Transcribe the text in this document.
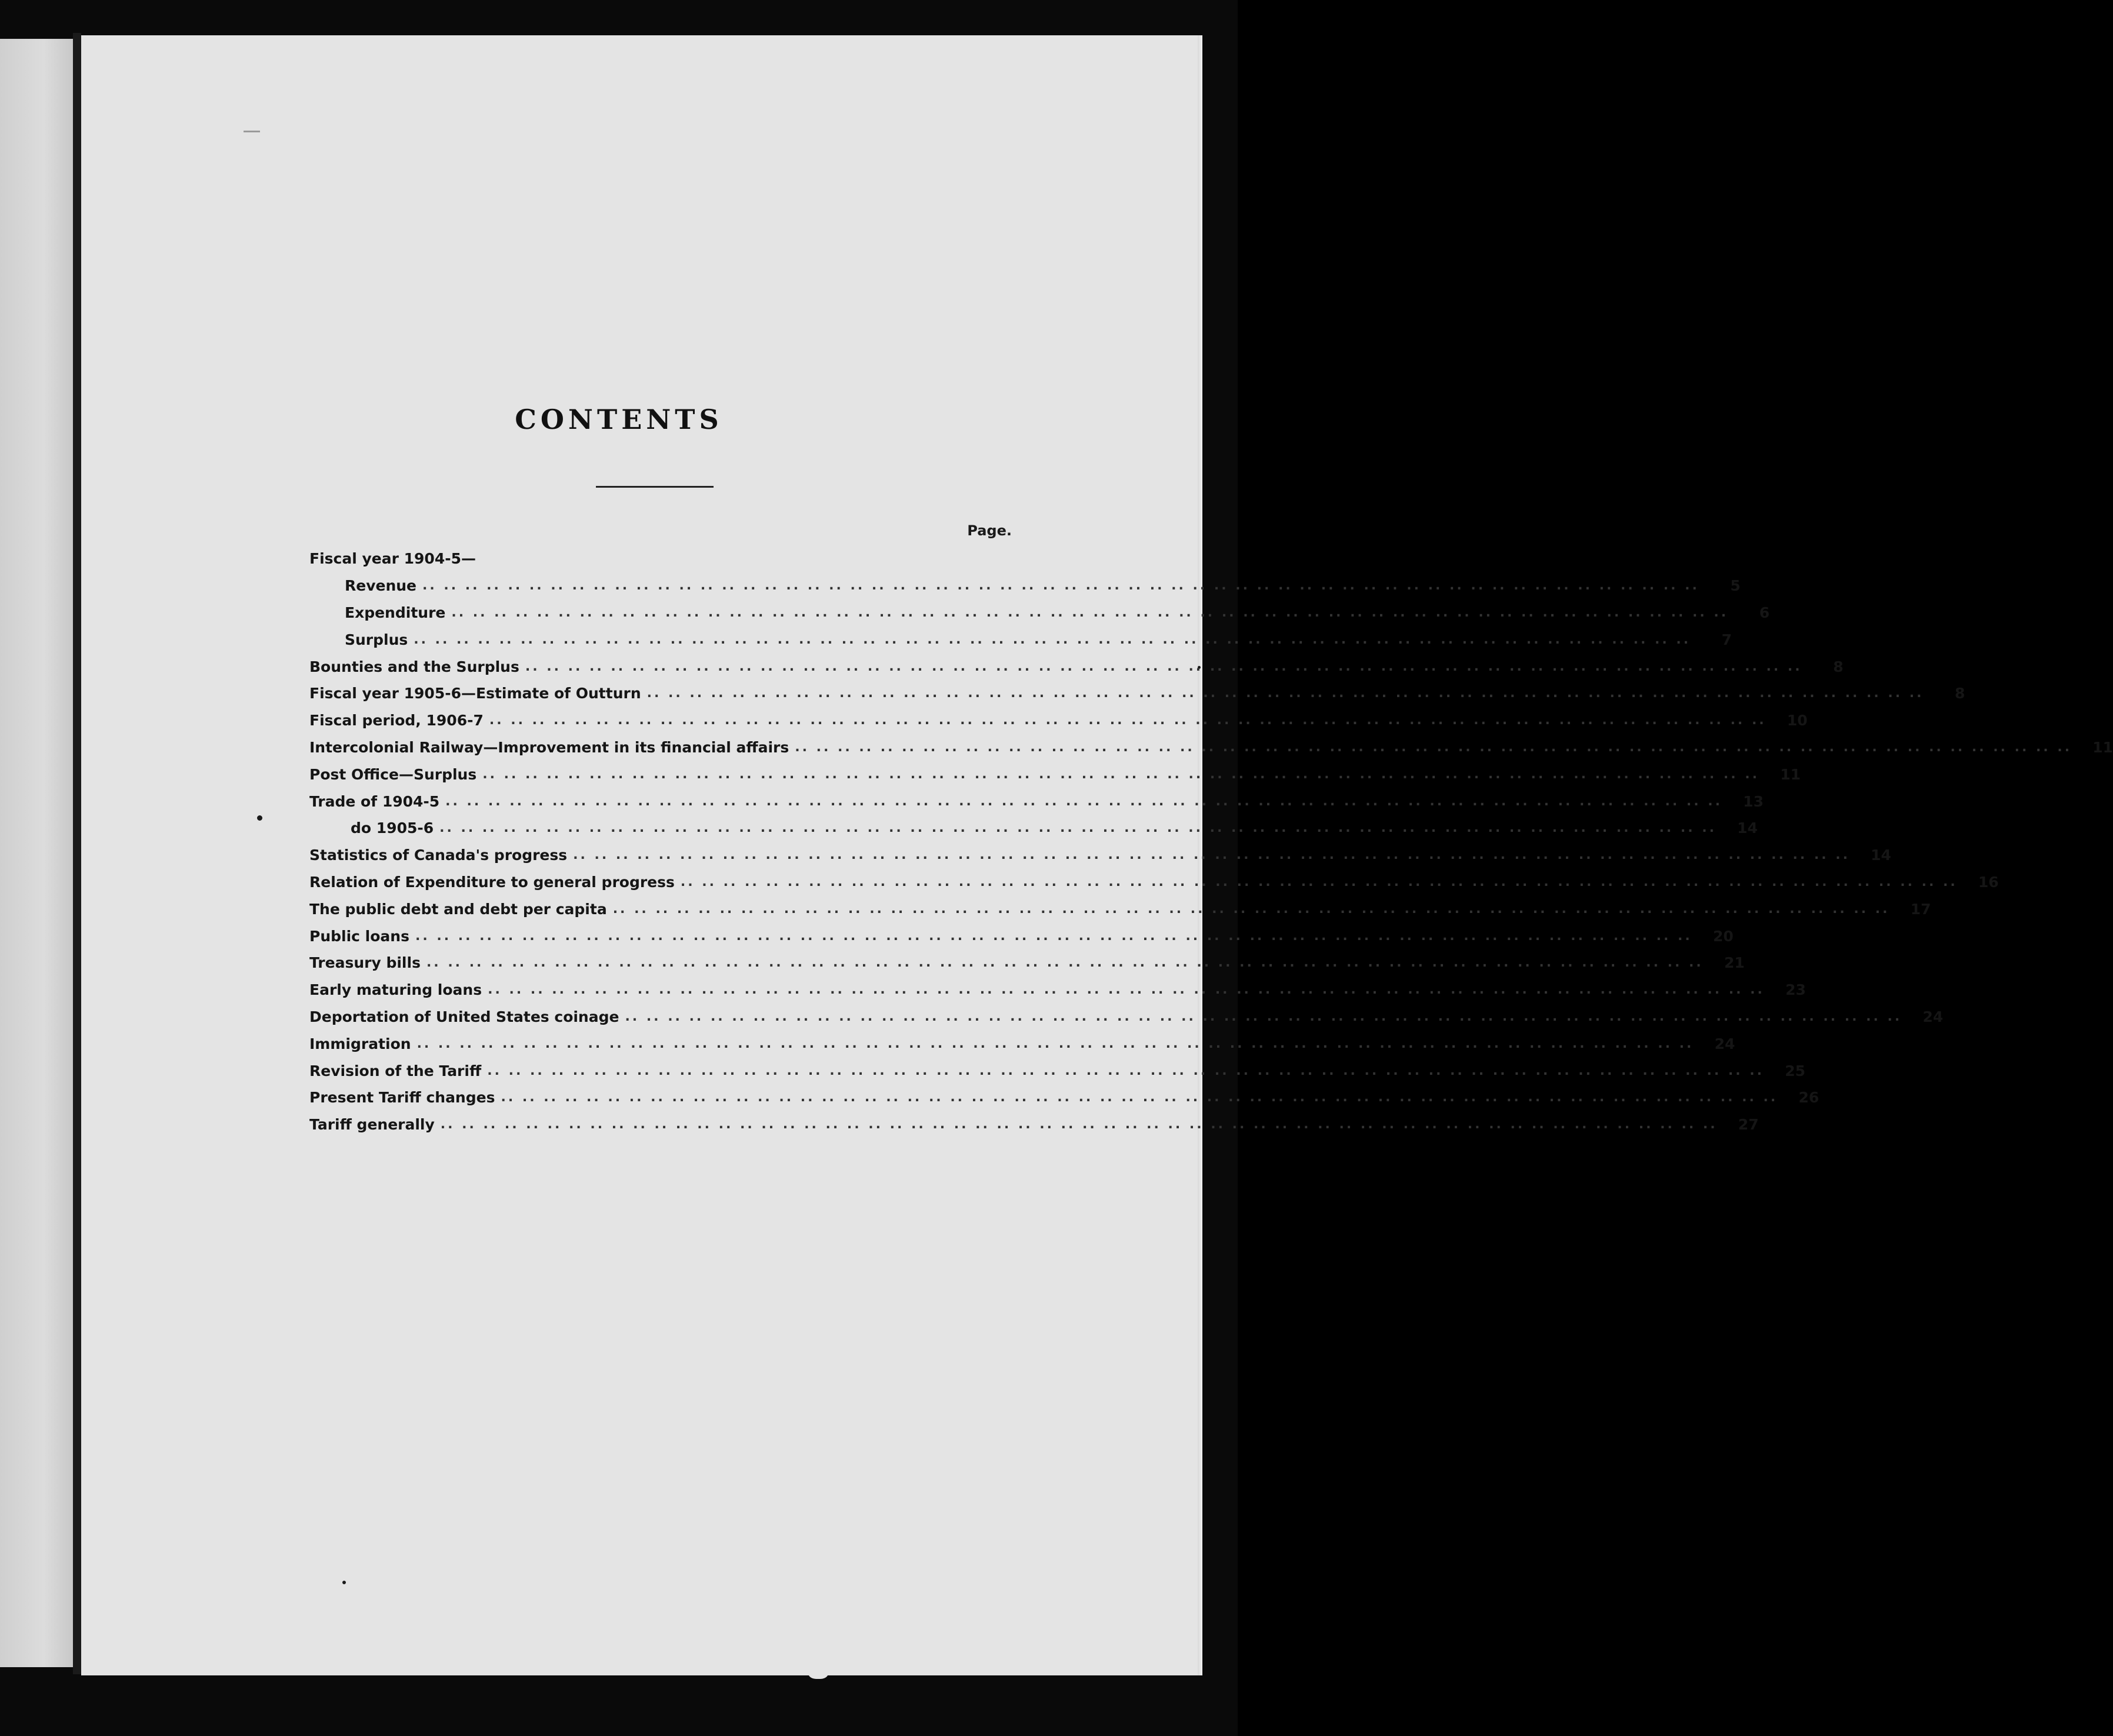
CONTENTS
Page.
Fiscal year 1904-5—
Revenue .. .. .. .. .. .. .. .. .. .. .. .. .. .. .. .. .. .. .. .. .. .. .. .. .. .. .. .. .. .. .. .. .. .. .. .. .. .. .. .. .. .. .. .. .. .. .. .. .. .. .. .. .. .. .. .. .. .. .. ..	5
Expenditure .. .. .. .. .. .. .. .. .. .. .. .. .. .. .. .. .. .. .. .. .. .. .. .. .. .. .. .. .. .. .. .. .. .. .. .. .. .. .. .. .. .. .. .. .. .. .. .. .. .. .. .. .. .. .. .. .. .. .. ..	6
Surplus .. .. .. .. .. .. .. .. .. .. .. .. .. .. .. .. .. .. .. .. .. .. .. .. .. .. .. .. .. .. .. .. .. .. .. .. .. .. .. .. .. .. .. .. .. .. .. .. .. .. .. .. .. .. .. .. .. .. .. ..	7
Bounties and the Surplus .. .. .. .. .. .. .. .. .. .. .. .. .. .. .. .. .. .. .. .. .. .. .. .. .. .. .. .. .. .. .. .. .. .. .. .. .. .. .. .. .. .. .. .. .. .. .. .. .. .. .. .. .. .. .. .. .. .. .. ..	8
Fiscal year 1905-6—Estimate of Outturn .. .. .. .. .. .. .. .. .. .. .. .. .. .. .. .. .. .. .. .. .. .. .. .. .. .. .. .. .. .. .. .. .. .. .. .. .. .. .. .. .. .. .. .. .. .. .. .. .. .. .. .. .. .. .. .. .. .. .. ..	8
Fiscal period, 1906-7 .. .. .. .. .. .. .. .. .. .. .. .. .. .. .. .. .. .. .. .. .. .. .. .. .. .. .. .. .. .. .. .. .. .. .. .. .. .. .. .. .. .. .. .. .. .. .. .. .. .. .. .. .. .. .. .. .. .. .. ..	10
Intercolonial Railway—Improvement in its financial affairs .. .. .. .. .. .. .. .. .. .. .. .. .. .. .. .. .. .. .. .. .. .. .. .. .. .. .. .. .. .. .. .. .. .. .. .. .. .. .. .. .. .. .. .. .. .. .. .. .. .. .. .. .. .. .. .. .. .. .. ..	11
Post Office—Surplus .. .. .. .. .. .. .. .. .. .. .. .. .. .. .. .. .. .. .. .. .. .. .. .. .. .. .. .. .. .. .. .. .. .. .. .. .. .. .. .. .. .. .. .. .. .. .. .. .. .. .. .. .. .. .. .. .. .. .. ..	11
Trade of 1904-5 .. .. .. .. .. .. .. .. .. .. .. .. .. .. .. .. .. .. .. .. .. .. .. .. .. .. .. .. .. .. .. .. .. .. .. .. .. .. .. .. .. .. .. .. .. .. .. .. .. .. .. .. .. .. .. .. .. .. .. ..	13
do 1905-6 .. .. .. .. .. .. .. .. .. .. .. .. .. .. .. .. .. .. .. .. .. .. .. .. .. .. .. .. .. .. .. .. .. .. .. .. .. .. .. .. .. .. .. .. .. .. .. .. .. .. .. .. .. .. .. .. .. .. .. ..	14
Statistics of Canada's progress .. .. .. .. .. .. .. .. .. .. .. .. .. .. .. .. .. .. .. .. .. .. .. .. .. .. .. .. .. .. .. .. .. .. .. .. .. .. .. .. .. .. .. .. .. .. .. .. .. .. .. .. .. .. .. .. .. .. .. ..	14
Relation of Expenditure to general progress .. .. .. .. .. .. .. .. .. .. .. .. .. .. .. .. .. .. .. .. .. .. .. .. .. .. .. .. .. .. .. .. .. .. .. .. .. .. .. .. .. .. .. .. .. .. .. .. .. .. .. .. .. .. .. .. .. .. .. ..	16
The public debt and debt per capita .. .. .. .. .. .. .. .. .. .. .. .. .. .. .. .. .. .. .. .. .. .. .. .. .. .. .. .. .. .. .. .. .. .. .. .. .. .. .. .. .. .. .. .. .. .. .. .. .. .. .. .. .. .. .. .. .. .. .. ..	17
Public loans .. .. .. .. .. .. .. .. .. .. .. .. .. .. .. .. .. .. .. .. .. .. .. .. .. .. .. .. .. .. .. .. .. .. .. .. .. .. .. .. .. .. .. .. .. .. .. .. .. .. .. .. .. .. .. .. .. .. .. ..	20
Treasury bills .. .. .. .. .. .. .. .. .. .. .. .. .. .. .. .. .. .. .. .. .. .. .. .. .. .. .. .. .. .. .. .. .. .. .. .. .. .. .. .. .. .. .. .. .. .. .. .. .. .. .. .. .. .. .. .. .. .. .. ..	21
Early maturing loans .. .. .. .. .. .. .. .. .. .. .. .. .. .. .. .. .. .. .. .. .. .. .. .. .. .. .. .. .. .. .. .. .. .. .. .. .. .. .. .. .. .. .. .. .. .. .. .. .. .. .. .. .. .. .. .. .. .. .. ..	23
Deportation of United States coinage .. .. .. .. .. .. .. .. .. .. .. .. .. .. .. .. .. .. .. .. .. .. .. .. .. .. .. .. .. .. .. .. .. .. .. .. .. .. .. .. .. .. .. .. .. .. .. .. .. .. .. .. .. .. .. .. .. .. .. ..	24
Immigration .. .. .. .. .. .. .. .. .. .. .. .. .. .. .. .. .. .. .. .. .. .. .. .. .. .. .. .. .. .. .. .. .. .. .. .. .. .. .. .. .. .. .. .. .. .. .. .. .. .. .. .. .. .. .. .. .. .. .. ..	24
Revision of the Tariff .. .. .. .. .. .. .. .. .. .. .. .. .. .. .. .. .. .. .. .. .. .. .. .. .. .. .. .. .. .. .. .. .. .. .. .. .. .. .. .. .. .. .. .. .. .. .. .. .. .. .. .. .. .. .. .. .. .. .. ..	25
Present Tariff changes .. .. .. .. .. .. .. .. .. .. .. .. .. .. .. .. .. .. .. .. .. .. .. .. .. .. .. .. .. .. .. .. .. .. .. .. .. .. .. .. .. .. .. .. .. .. .. .. .. .. .. .. .. .. .. .. .. .. .. ..	26
Tariff generally .. .. .. .. .. .. .. .. .. .. .. .. .. .. .. .. .. .. .. .. .. .. .. .. .. .. .. .. .. .. .. .. .. .. .. .. .. .. .. .. .. .. .. .. .. .. .. .. .. .. .. .. .. .. .. .. .. .. .. ..	27
